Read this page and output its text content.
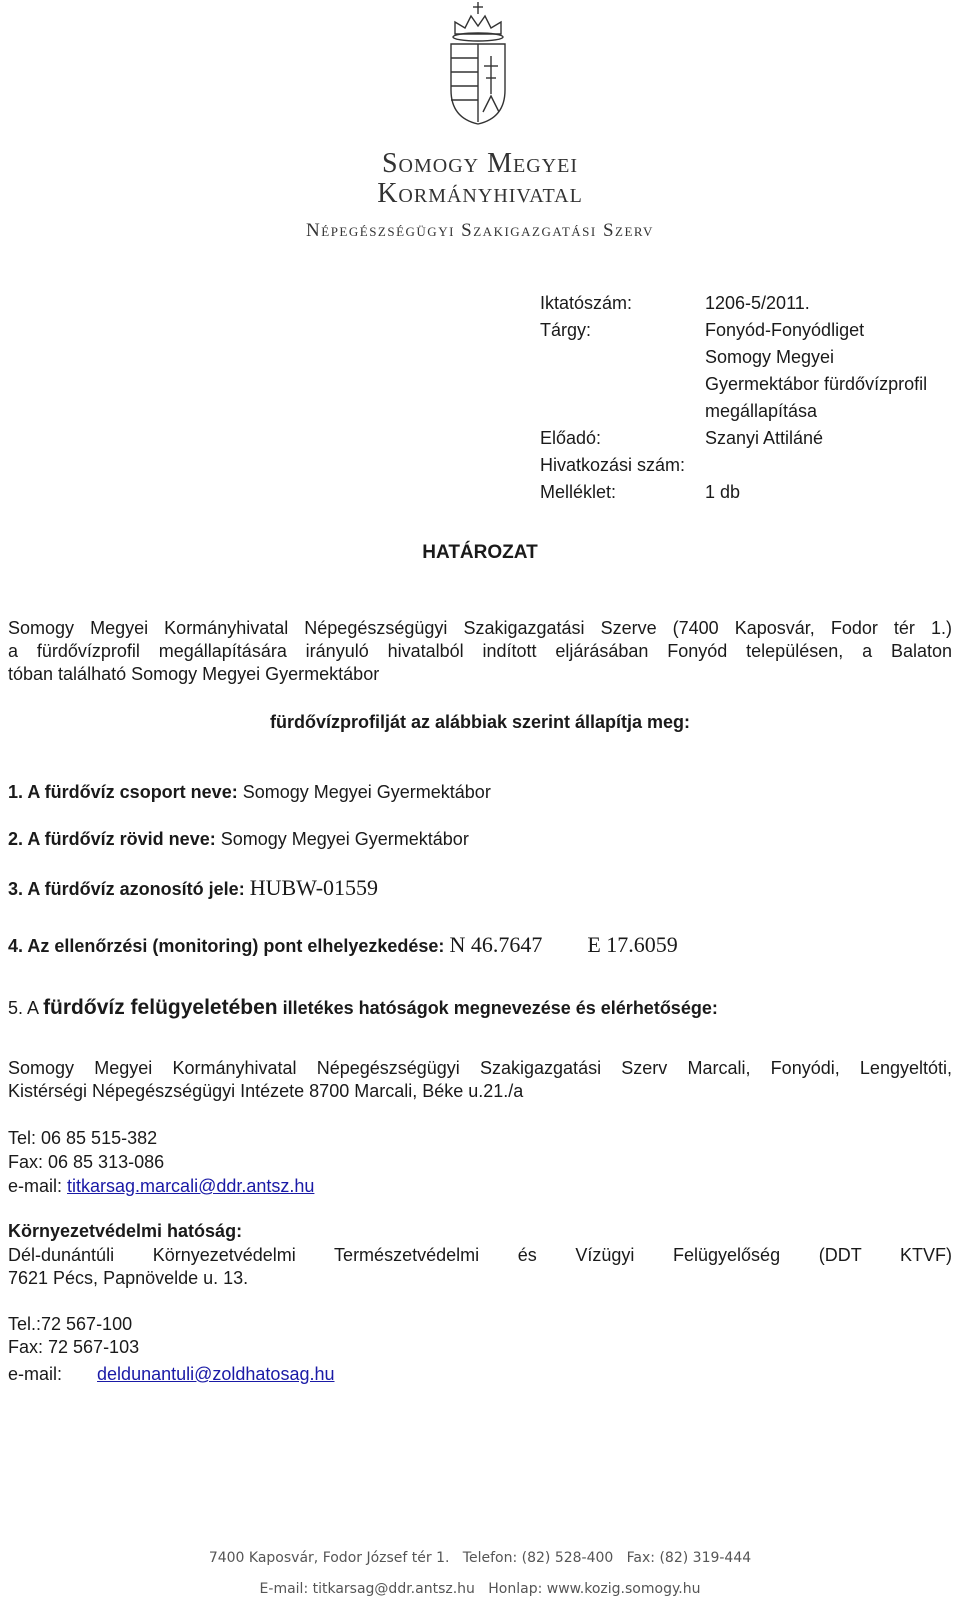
Somogy Megyei
Kormányhivatal
Népegészségügyi Szakigazgatási Szerv
Iktatószám:	1206-5/2011.
Tárgy:	Fonyód-Fonyódliget
Somogy Megyei
Gyermektábor fürdővízprofil
megállapítása
Előadó:	Szanyi Attiláné
Hivatkozási szám:
Melléklet:	1 db
HATÁROZAT
Somogy Megyei Kormányhivatal Népegészségügyi Szakigazgatási Szerve (7400 Kaposvár, Fodor tér 1.)
a fürdővízprofil megállapítására irányuló hivatalból indított eljárásában Fonyód településen, a Balaton
tóban található Somogy Megyei Gyermektábor
fürdővízprofilját az alábbiak szerint állapítja meg:
1. A fürdővíz csoport neve: Somogy Megyei Gyermektábor
2. A fürdővíz rövid neve: Somogy Megyei Gyermektábor
3. A fürdővíz azonosító jele: HUBW-01559
4. Az ellenőrzési (monitoring) pont elhelyezkedése: N 46.7647 E 17.6059
5. A fürdővíz felügyeletében illetékes hatóságok megnevezése és elérhetősége:
Somogy Megyei Kormányhivatal Népegészségügyi Szakigazgatási Szerv Marcali, Fonyódi, Lengyeltóti,
Kistérségi Népegészségügyi Intézete 8700 Marcali, Béke u.21./a
Tel: 06 85 515-382
Fax: 06 85 313-086
e-mail: titkarsag.marcali@ddr.antsz.hu
Környezetvédelmi hatóság:
Dél-dunántúli Környezetvédelmi Természetvédelmi és Vízügyi Felügyelőség (DDT KTVF)
7621 Pécs, Papnövelde u. 13.
Tel.:72 567-100
Fax: 72 567-103
e-mail: deldunantuli@zoldhatosag.hu
7400 Kaposvár, Fodor József tér 1.   Telefon: (82) 528-400   Fax: (82) 319-444
E-mail: titkarsag@ddr.antsz.hu   Honlap: www.kozig.somogy.hu
